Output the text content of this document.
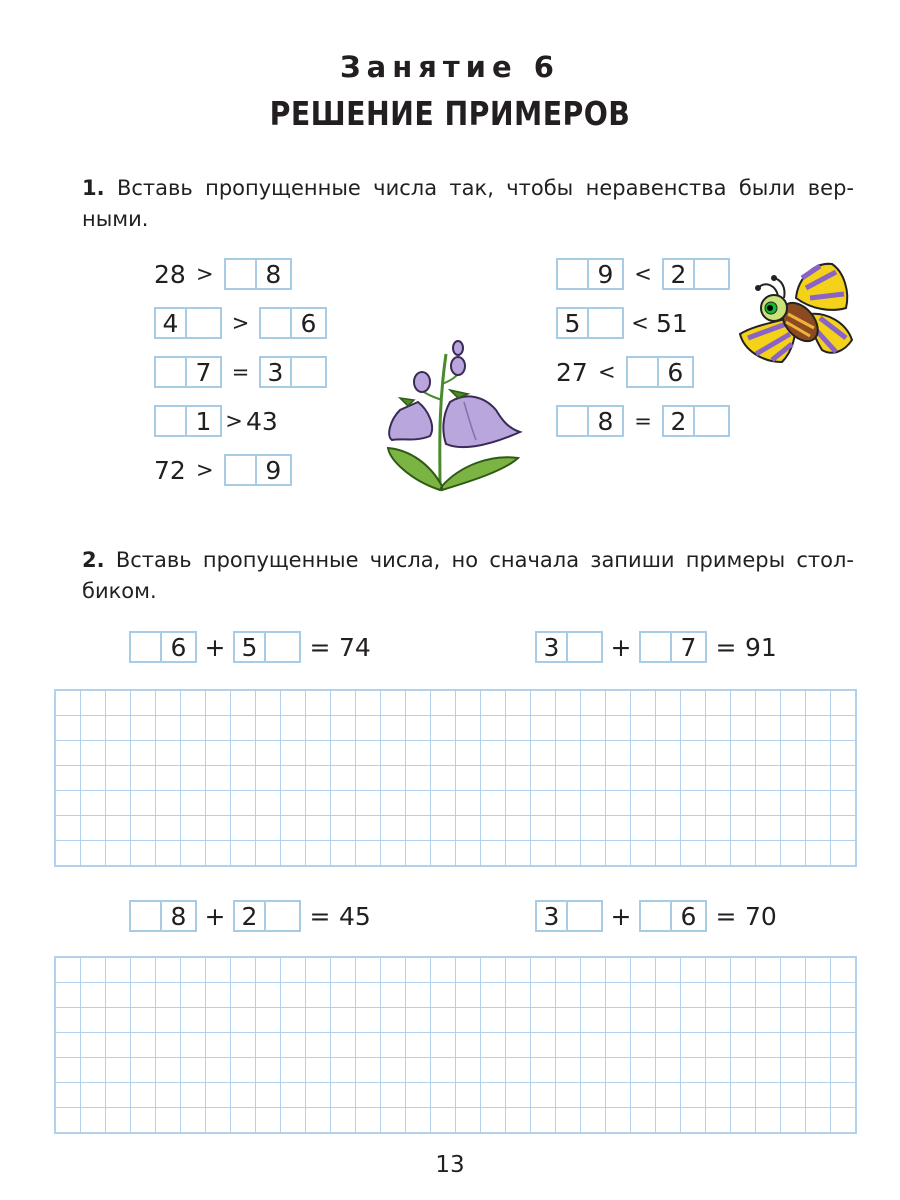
Занятие 6
РЕШЕНИЕ ПРИМЕРОВ
1. Вставь пропущенные числа так, чтобы неравенства были верными.
28 >	8
4	>	6
7 = 3
1 > 43
72 >	9
9 < 2
5	< 51
27 <	6
8 = 2
2. Вставь пропущенные числа, но сначала запиши примеры столбиком.
6 + 5	= 74	3	+	7 = 91
8 + 2	= 45	3	+	6 = 70
13
